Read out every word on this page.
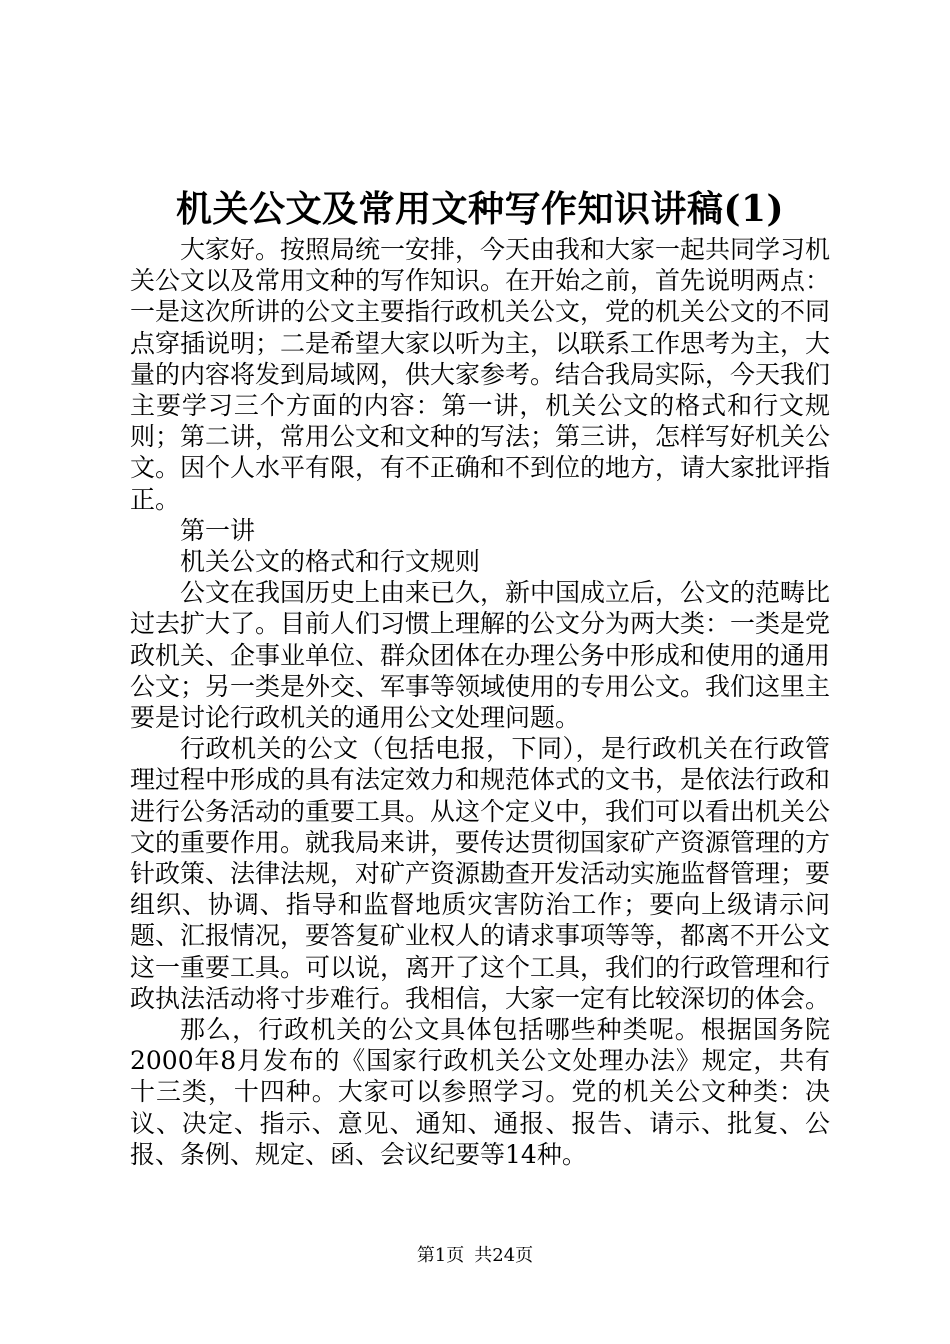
机关公文及常用文种写作知识讲稿(1)

大家好。按照局统一安排，今天由我和大家一起共同学习机关公文以及常用文种的写作知识。在开始之前，首先说明两点：一是这次所讲的公文主要指行政机关公文，党的机关公文的不同点穿插说明；二是希望大家以听为主，以联系工作思考为主，大量的内容将发到局域网，供大家参考。结合我局实际，今天我们主要学习三个方面的内容：第一讲，机关公文的格式和行文规则；第二讲，常用公文和文种的写法；第三讲，怎样写好机关公文。因个人水平有限，有不正确和不到位的地方，请大家批评指正。

第一讲

机关公文的格式和行文规则

公文在我国历史上由来已久，新中国成立后，公文的范畴比过去扩大了。目前人们习惯上理解的公文分为两大类：一类是党政机关、企事业单位、群众团体在办理公务中形成和使用的通用公文；另一类是外交、军事等领域使用的专用公文。我们这里主要是讨论行政机关的通用公文处理问题。

行政机关的公文（包括电报，下同），是行政机关在行政管理过程中形成的具有法定效力和规范体式的文书，是依法行政和进行公务活动的重要工具。从这个定义中，我们可以看出机关公文的重要作用。就我局来讲，要传达贯彻国家矿产资源管理的方针政策、法律法规，对矿产资源勘查开发活动实施监督管理；要组织、协调、指导和监督地质灾害防治工作；要向上级请示问题、汇报情况，要答复矿业权人的请求事项等等，都离不开公文这一重要工具。可以说，离开了这个工具，我们的行政管理和行政执法活动将寸步难行。我相信，大家一定有比较深切的体会。

那么，行政机关的公文具体包括哪些种类呢。根据国务院2000年8月发布的《国家行政机关公文处理办法》规定，共有十三类，十四种。大家可以参照学习。党的机关公文种类：决议、决定、指示、意见、通知、通报、报告、请示、批复、公报、条例、规定、函、会议纪要等14种。

第1页 共24页
